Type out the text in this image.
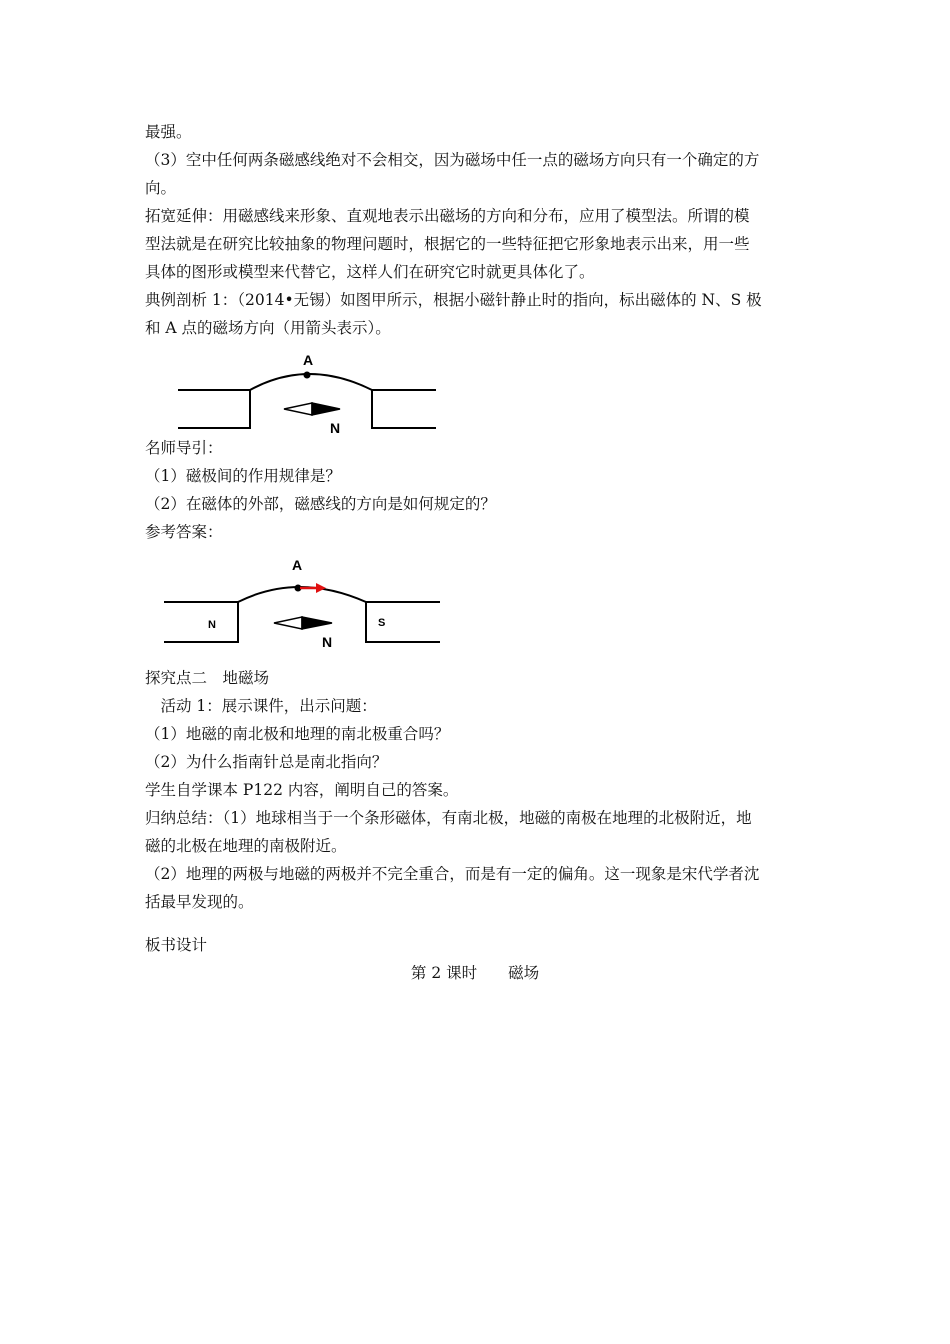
最强。
（3）空中任何两条磁感线绝对不会相交，因为磁场中任一点的磁场方向只有一个确定的方
向。
拓宽延伸：用磁感线来形象、直观地表示出磁场的方向和分布，应用了模型法。所谓的模
型法就是在研究比较抽象的物理问题时，根据它的一些特征把它形象地表示出来，用一些
具体的图形或模型来代替它，这样人们在研究它时就更具体化了。
典例剖析 1：（2014•无锡）如图甲所示，根据小磁针静止时的指向，标出磁体的 N、S 极
和 A 点的磁场方向（用箭头表示）。
A
N
名师导引：
（1）磁极间的作用规律是？
（2）在磁体的外部，磁感线的方向是如何规定的？
参考答案：
A
N
N	S
探究点二　地磁场
　活动 1：展示课件，出示问题：
（1）地磁的南北极和地理的南北极重合吗？
（2）为什么指南针总是南北指向？
学生自学课本 P122 内容，阐明自己的答案。
归纳总结：（1）地球相当于一个条形磁体，有南北极，地磁的南极在地理的北极附近，地
磁的北极在地理的南极附近。
（2）地理的两极与地磁的两极并不完全重合，而是有一定的偏角。这一现象是宋代学者沈
括最早发现的。
板书设计
第 2 课时　　磁场
